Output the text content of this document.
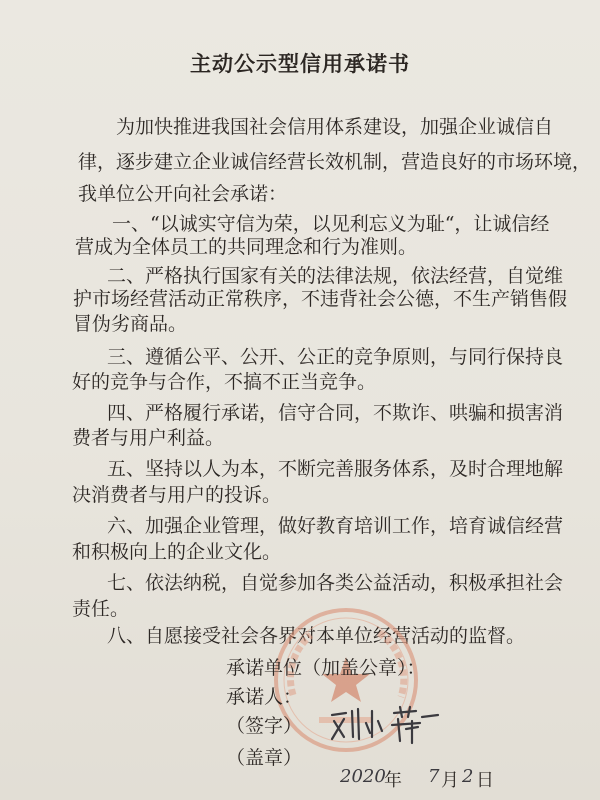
主动公示型信用承诺书
为加快推进我国社会信用体系建设，加强企业诚信自
律，逐步建立企业诚信经营长效机制，营造良好的市场环境，
我单位公开向社会承诺：
一、“以诚实守信为荣，以见利忘义为耻“，让诚信经
营成为全体员工的共同理念和行为准则。
二、严格执行国家有关的法律法规，依法经营，自觉维
护市场经营活动正常秩序，不违背社会公德，不生产销售假
冒伪劣商品。
三、遵循公平、公开、公正的竞争原则，与同行保持良
好的竞争与合作，不搞不正当竞争。
四、严格履行承诺，信守合同，不欺诈、哄骗和损害消
费者与用户利益。
五、坚持以人为本，不断完善服务体系，及时合理地解
决消费者与用户的投诉。
六、加强企业管理，做好教育培训工作，培育诚信经营
和积极向上的企业文化。
七、依法纳税，自觉参加各类公益活动，积极承担社会
责任。
八、自愿接受社会各界对本单位经营活动的监督。
承诺单位（加盖公章）：
承诺人：
（签字）
（盖章）
2020
年 7 月 2 日
